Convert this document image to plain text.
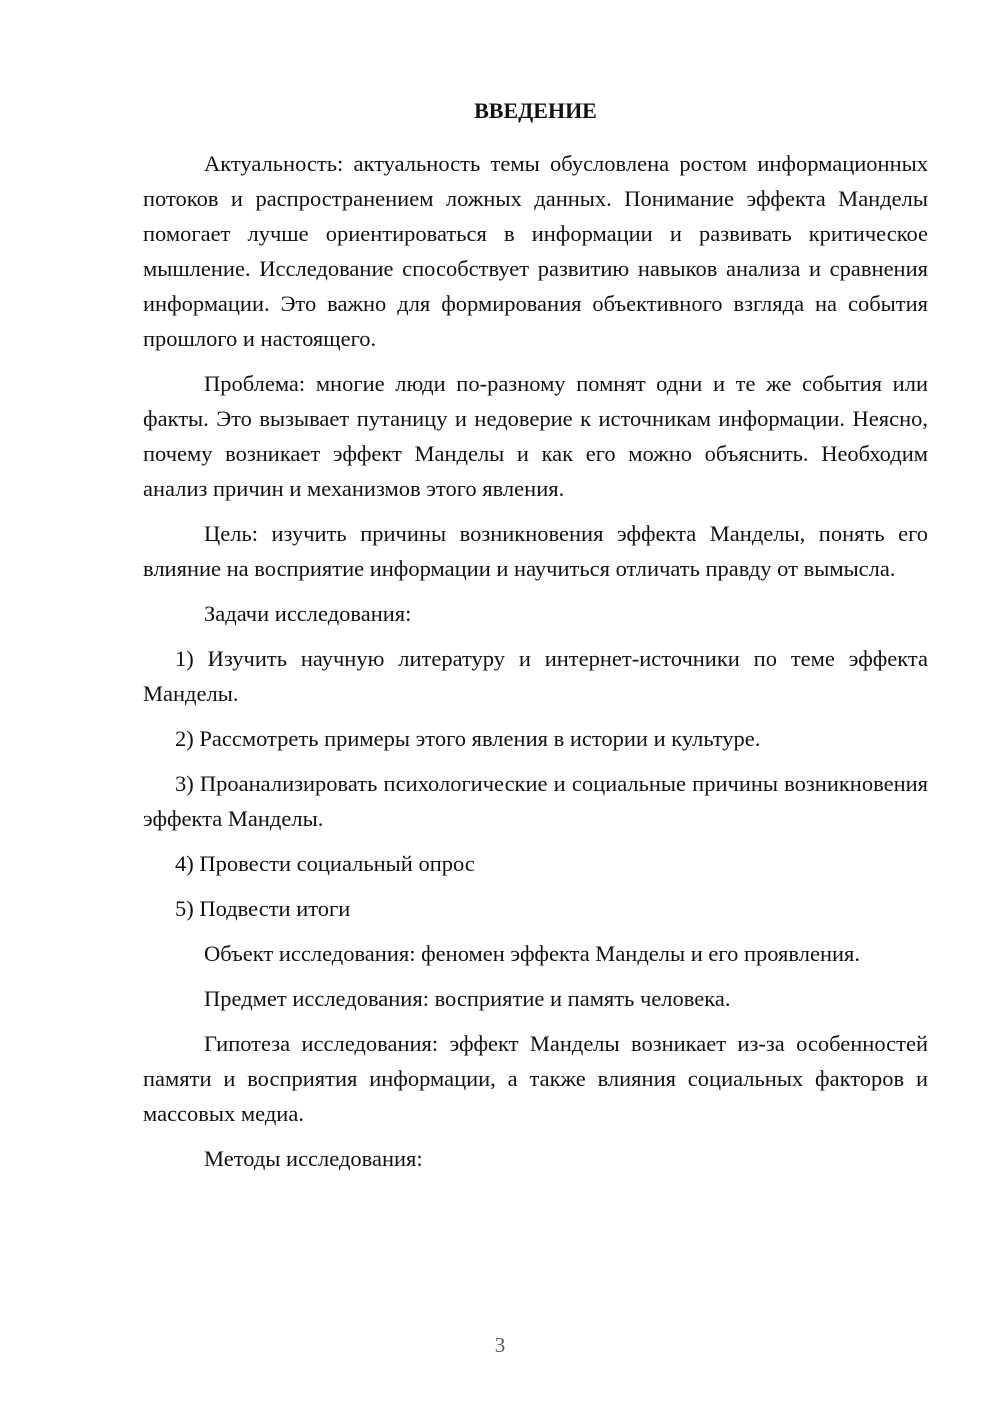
ВВЕДЕНИЕ

Актуальность: актуальность темы обусловлена ростом информационных потоков и распространением ложных данных. Понимание эффекта Манделы помогает лучше ориентироваться в информации и развивать критическое мышление. Исследование способствует развитию навыков анализа и сравнения информации. Это важно для формирования объективного взгляда на события прошлого и настоящего.

Проблема: многие люди по-разному помнят одни и те же события или факты. Это вызывает путаницу и недоверие к источникам информации. Неясно, почему возникает эффект Манделы и как его можно объяснить. Необходим анализ причин и механизмов этого явления.

Цель: изучить причины возникновения эффекта Манделы, понять его влияние на восприятие информации и научиться отличать правду от вымысла.

Задачи исследования:

1) Изучить научную литературу и интернет-источники по теме эффекта Манделы.

2) Рассмотреть примеры этого явления в истории и культуре.

3) Проанализировать психологические и социальные причины возникновения эффекта Манделы.

4) Провести социальный опрос

5) Подвести итоги

Объект исследования: феномен эффекта Манделы и его проявления.

Предмет исследования: восприятие и память человека.

Гипотеза исследования: эффект Манделы возникает из-за особенностей памяти и восприятия информации, а также влияния социальных факторов и массовых медиа.

Методы исследования:

3
